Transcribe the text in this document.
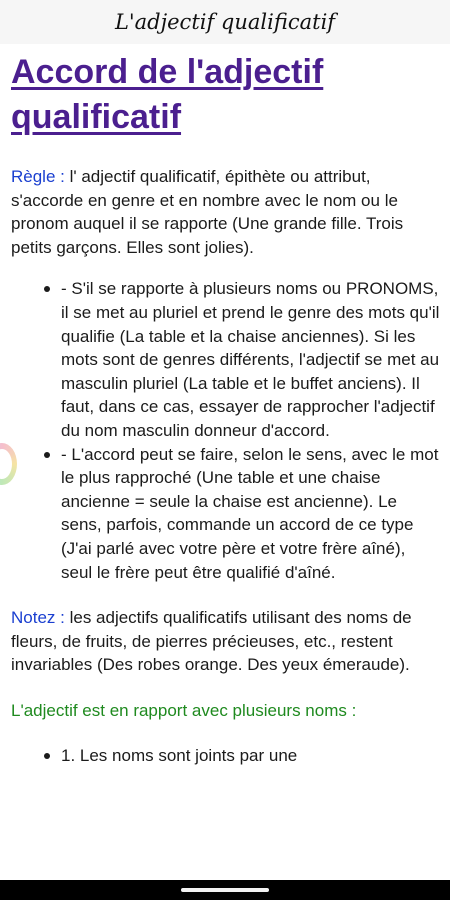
L'adjectif qualificatif
Accord de l'adjectif qualificatif

Règle : l' adjectif qualificatif, épithète ou attribut, s'accorde en genre et en nombre avec le nom ou le pronom auquel il se rapporte (Une grande fille. Trois petits garçons. Elles sont jolies).

- S'il se rapporte à plusieurs noms ou PRONOMS, il se met au pluriel et prend le genre des mots qu'il qualifie (La table et la chaise anciennes). Si les mots sont de genres différents, l'adjectif se met au masculin pluriel (La table et le buffet anciens). Il faut, dans ce cas, essayer de rapprocher l'adjectif du nom masculin donneur d'accord.
- L'accord peut se faire, selon le sens, avec le mot le plus rapproché (Une table et une chaise ancienne = seule la chaise est ancienne). Le sens, parfois, commande un accord de ce type (J'ai parlé avec votre père et votre frère aîné), seul le frère peut être qualifié d'aîné.

Notez : les adjectifs qualificatifs utilisant des noms de fleurs, de fruits, de pierres précieuses, etc., restent invariables (Des robes orange. Des yeux émeraude).

L'adjectif est en rapport avec plusieurs noms :

1. Les noms sont joints par une
